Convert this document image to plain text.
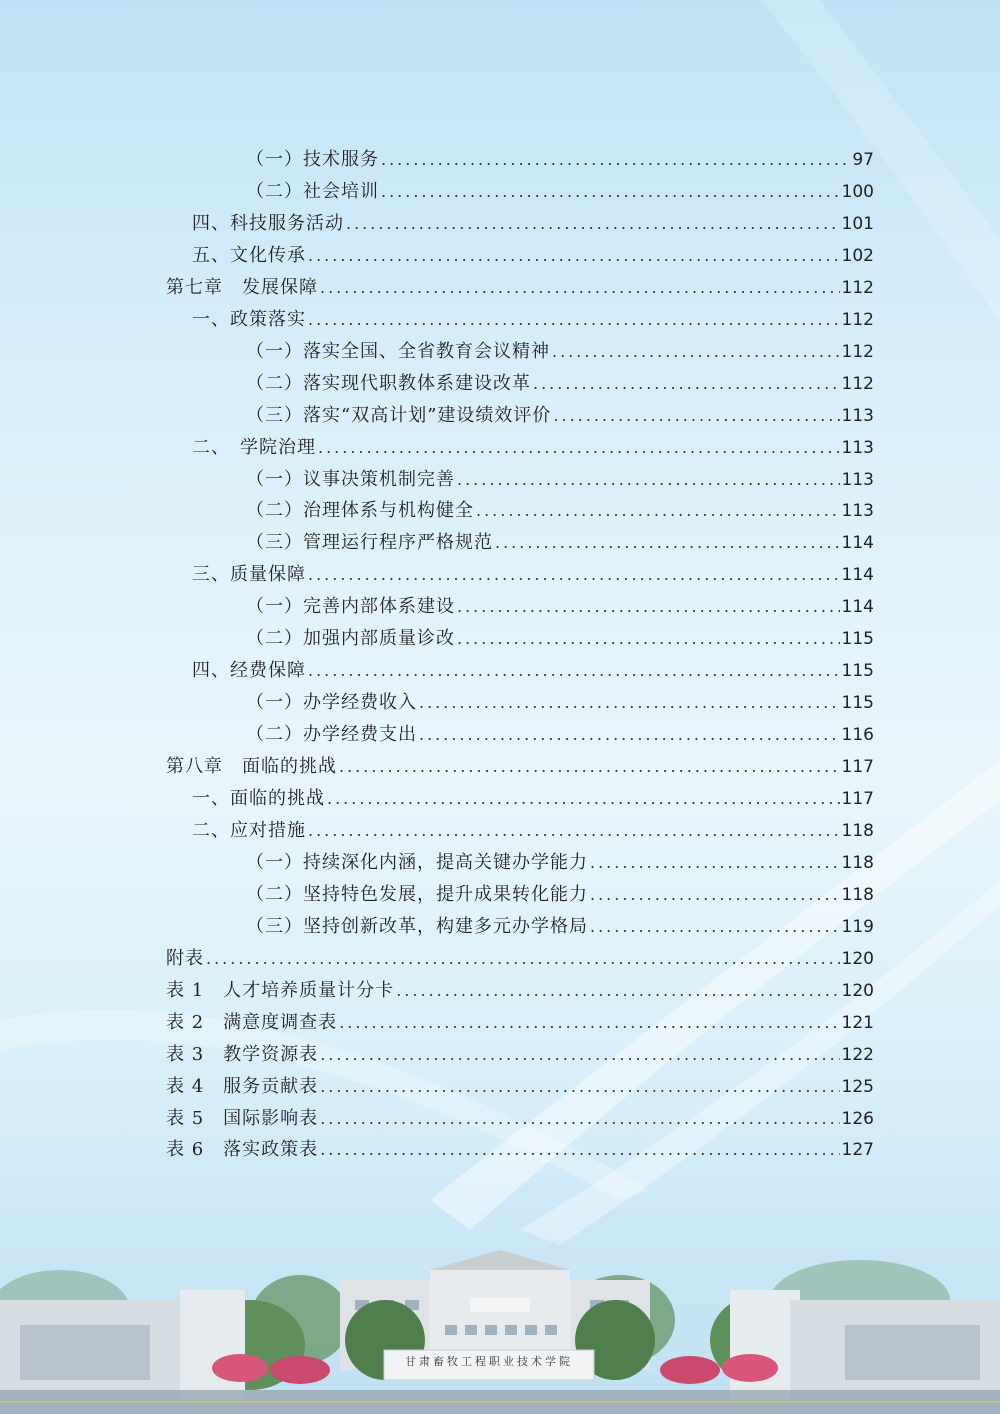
（一）技术服务 .....	97
（二）社会培训 .....	100
四、科技服务活动 .....	101
五、文化传承 .....	102
第七章　发展保障 .....	112
一、政策落实 .....	112
（一）落实全国、全省教育会议精神 .....	112
（二）落实现代职教体系建设改革 .....	112
（三）落实“双高计划”建设绩效评价 .....	113
二、　学院治理 .....	113
（一）议事决策机制完善 .....	113
（二）治理体系与机构健全 .....	113
（三）管理运行程序严格规范 .....	114
三、质量保障 .....	114
（一）完善内部体系建设 .....	114
（二）加强内部质量诊改 .....	115
四、经费保障 .....	115
（一）办学经费收入 .....	115
（二）办学经费支出 .....	116
第八章　面临的挑战 .....	117
一、面临的挑战 .....	117
二、应对措施 .....	118
（一）持续深化内涵，提高关键办学能力 .....	118
（二）坚持特色发展，提升成果转化能力 .....	118
（三）坚持创新改革，构建多元办学格局 .....	119
附表 .....	120
表 1　人才培养质量计分卡 .....	120
表 2　满意度调查表 .....	121
表 3　教学资源表 .....	122
表 4　服务贡献表 .....	125
表 5　国际影响表 .....	126
表 6　落实政策表 .....	127
甘肃畜牧工程职业技术学院
